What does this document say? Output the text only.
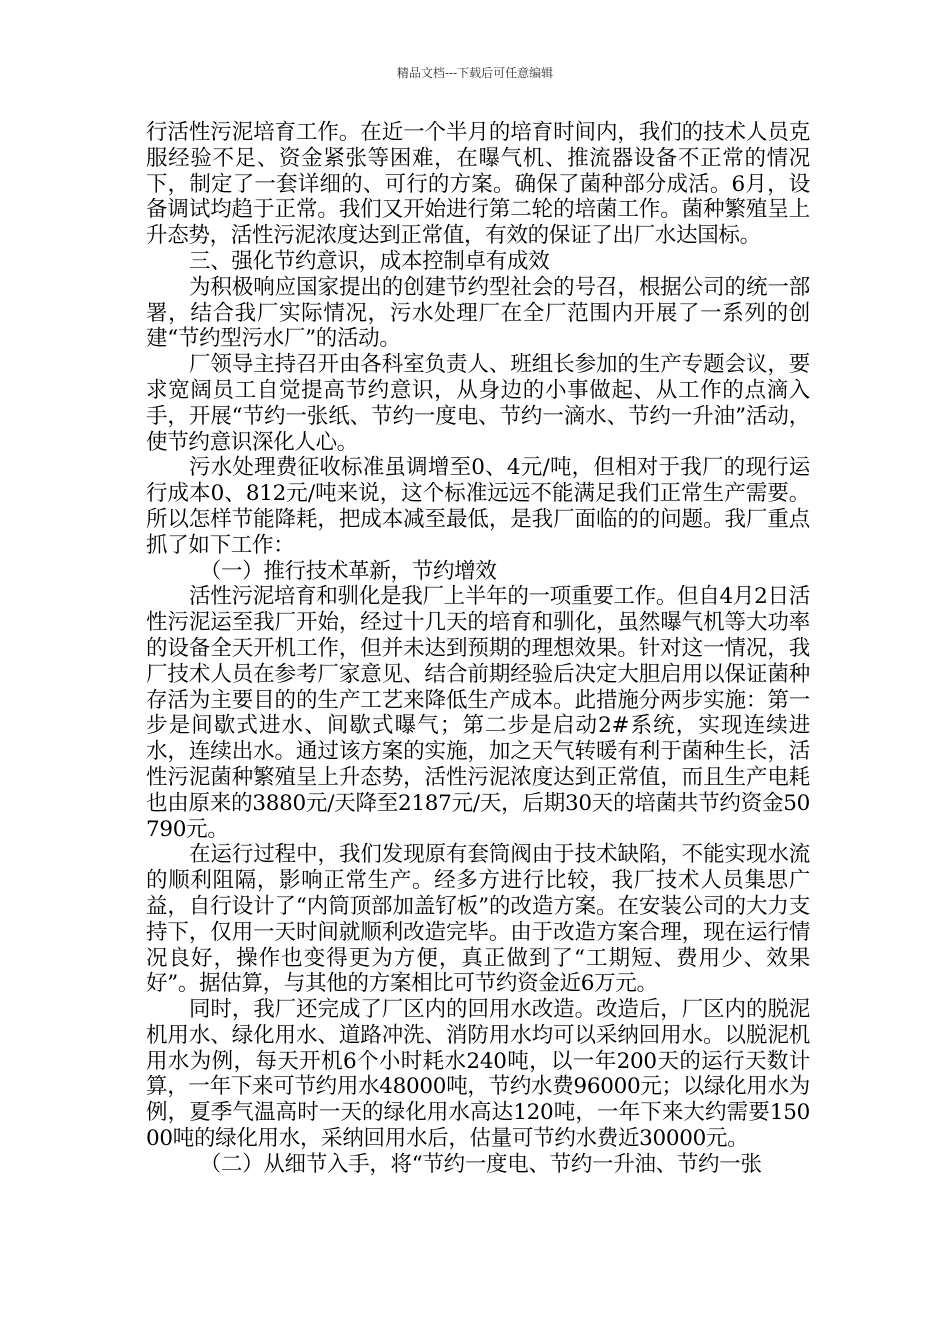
精品文档---下载后可任意编辑

行活性污泥培育工作。在近一个半月的培育时间内，我们的技术人员克服经验不足、资金紧张等困难，在曝气机、推流器设备不正常的情况下，制定了一套详细的、可行的方案。确保了菌种部分成活。6月，设备调试均趋于正常。我们又开始进行第二轮的培菌工作。菌种繁殖呈上升态势，活性污泥浓度达到正常值，有效的保证了出厂水达国标。

三、强化节约意识，成本控制卓有成效

为积极响应国家提出的创建节约型社会的号召，根据公司的统一部署，结合我厂实际情况，污水处理厂在全厂范围内开展了一系列的创建“节约型污水厂”的活动。

厂领导主持召开由各科室负责人、班组长参加的生产专题会议，要求宽阔员工自觉提高节约意识，从身边的小事做起、从工作的点滴入手，开展“节约一张纸、节约一度电、节约一滴水、节约一升油”活动，使节约意识深化人心。

污水处理费征收标准虽调增至0、4元/吨，但相对于我厂的现行运行成本0、812元/吨来说，这个标准远远不能满足我们正常生产需要。所以怎样节能降耗，把成本减至最低，是我厂面临的的问题。我厂重点抓了如下工作：

（一）推行技术革新，节约增效

活性污泥培育和驯化是我厂上半年的一项重要工作。但自4月2日活性污泥运至我厂开始，经过十几天的培育和驯化，虽然曝气机等大功率的设备全天开机工作，但并未达到预期的理想效果。针对这一情况，我厂技术人员在参考厂家意见、结合前期经验后决定大胆启用以保证菌种存活为主要目的的生产工艺来降低生产成本。此措施分两步实施：第一步是间歇式进水、间歇式曝气；第二步是启动2#系统，实现连续进水，连续出水。通过该方案的实施，加之天气转暖有利于菌种生长，活性污泥菌种繁殖呈上升态势，活性污泥浓度达到正常值，而且生产电耗也由原来的3880元/天降至2187元/天，后期30天的培菌共节约资金50790元。

在运行过程中，我们发现原有套筒阀由于技术缺陷，不能实现水流的顺利阻隔，影响正常生产。经多方进行比较，我厂技术人员集思广益，自行设计了“内筒顶部加盖钌板”的改造方案。在安装公司的大力支持下，仅用一天时间就顺利改造完毕。由于改造方案合理，现在运行情况良好，操作也变得更为方便，真正做到了“工期短、费用少、效果好”。据估算，与其他的方案相比可节约资金近6万元。

同时，我厂还完成了厂区内的回用水改造。改造后，厂区内的脱泥机用水、绿化用水、道路冲洗、消防用水均可以采纳回用水。以脱泥机用水为例，每天开机6个小时耗水240吨，以一年200天的运行天数计算，一年下来可节约用水48000吨，节约水费96000元；以绿化用水为例，夏季气温高时一天的绿化用水高达120吨，一年下来大约需要15000吨的绿化用水，采纳回用水后，估量可节约水费近30000元。

（二）从细节入手，将“节约一度电、节约一升油、节约一张
